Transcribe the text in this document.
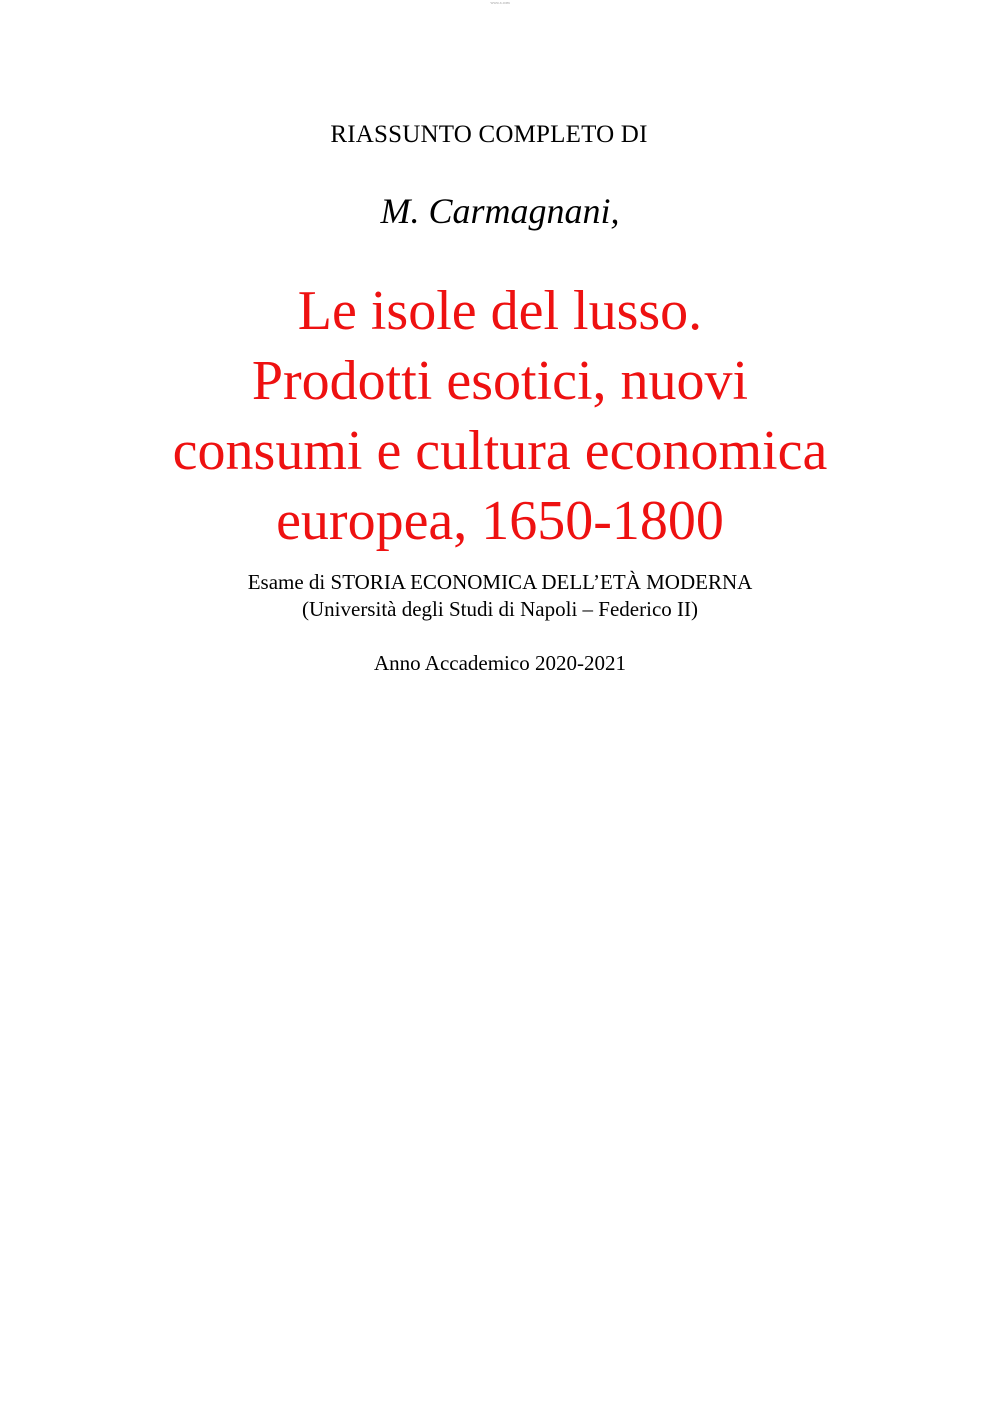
www.x.com
RIASSUNTO COMPLETO DI
M. Carmagnani,
Le isole del lusso.
Prodotti esotici, nuovi
consumi e cultura economica
europea, 1650-1800
Esame di STORIA ECONOMICA DELL’ETÀ MODERNA
(Università degli Studi di Napoli – Federico II)
Anno Accademico 2020-2021
